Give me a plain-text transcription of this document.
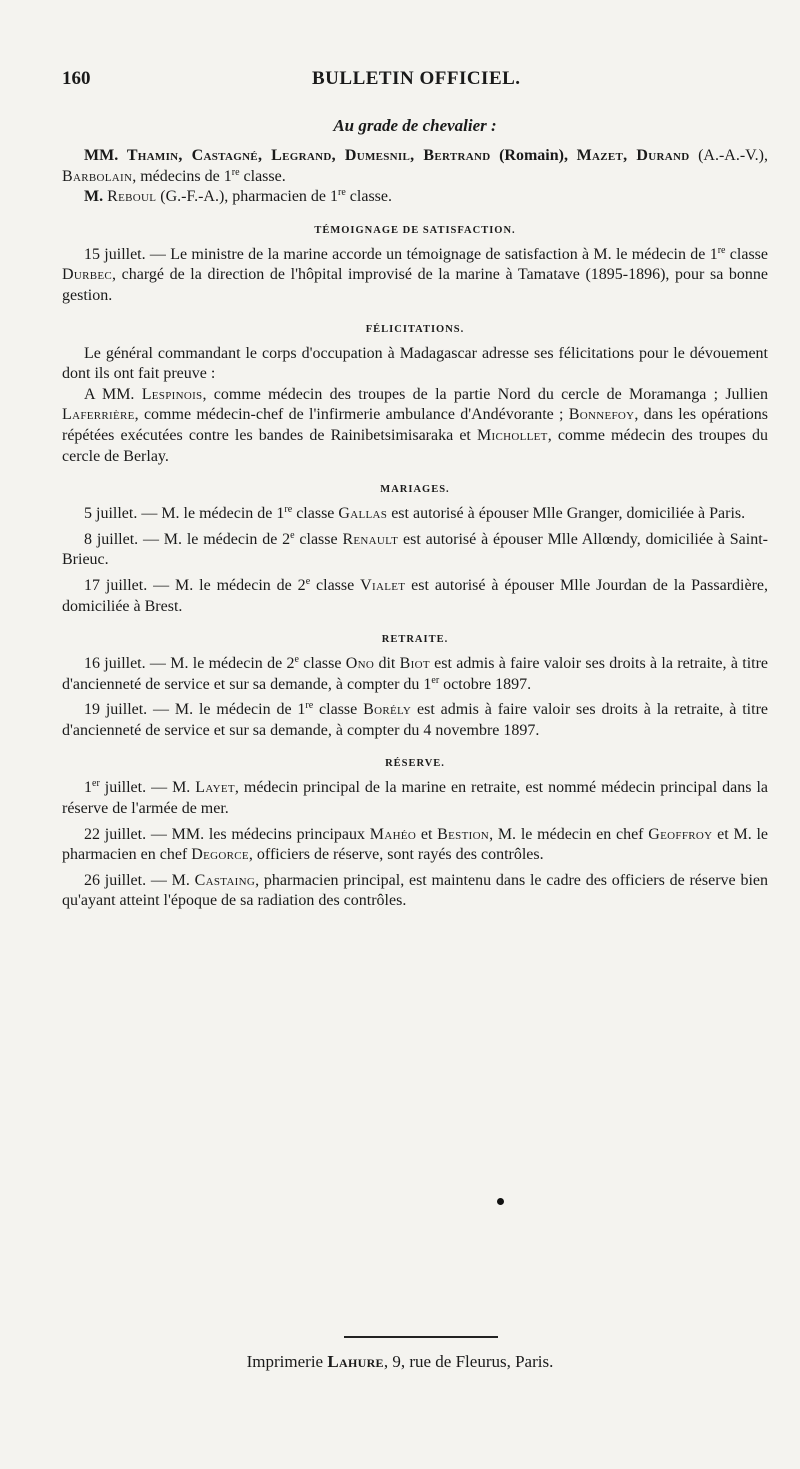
160	BULLETIN OFFICIEL.
Au grade de chevalier :

MM. Thamin, Castagné, Legrand, Dumesnil, Bertrand (Romain), Mazet, Durand (A.-A.-V.), Barbolain, médecins de 1re classe.

M. Reboul (G.-F.-A.), pharmacien de 1re classe.

TÉMOIGNAGE DE SATISFACTION.

15 juillet. — Le ministre de la marine accorde un témoignage de satisfaction à M. le médecin de 1re classe Durbec, chargé de la direction de l'hôpital improvisé de la marine à Tamatave (1895-1896), pour sa bonne gestion.

FÉLICITATIONS.

Le général commandant le corps d'occupation à Madagascar adresse ses félicitations pour le dévouement dont ils ont fait preuve :

A MM. Lespinois, comme médecin des troupes de la partie Nord du cercle de Moramanga ; Jullien Laferrière, comme médecin-chef de l'infirmerie ambulance d'Andévorante ; Bonnefoy, dans les opérations répétées exécutées contre les bandes de Rainibetsimisaraka et Michollet, comme médecin des troupes du cercle de Berlay.

MARIAGES.

5 juillet. — M. le médecin de 1re classe Gallas est autorisé à épouser Mlle Granger, domiciliée à Paris.

8 juillet. — M. le médecin de 2e classe Renault est autorisé à épouser Mlle Allœndy, domiciliée à Saint-Brieuc.

17 juillet. — M. le médecin de 2e classe Vialet est autorisé à épouser Mlle Jourdan de la Passardière, domiciliée à Brest.

RETRAITE.

16 juillet. — M. le médecin de 2e classe Ono dit Biot est admis à faire valoir ses droits à la retraite, à titre d'ancienneté de service et sur sa demande, à compter du 1er octobre 1897.

19 juillet. — M. le médecin de 1re classe Borély est admis à faire valoir ses droits à la retraite, à titre d'ancienneté de service et sur sa demande, à compter du 4 novembre 1897.

RÉSERVE.

1er juillet. — M. Layet, médecin principal de la marine en retraite, est nommé médecin principal dans la réserve de l'armée de mer.

22 juillet. — MM. les médecins principaux Mahéo et Bestion, M. le médecin en chef Geoffroy et M. le pharmacien en chef Degorce, officiers de réserve, sont rayés des contrôles.

26 juillet. — M. Castaing, pharmacien principal, est maintenu dans le cadre des officiers de réserve bien qu'ayant atteint l'époque de sa radiation des contrôles.

Imprimerie Lahure, 9, rue de Fleurus, Paris.
